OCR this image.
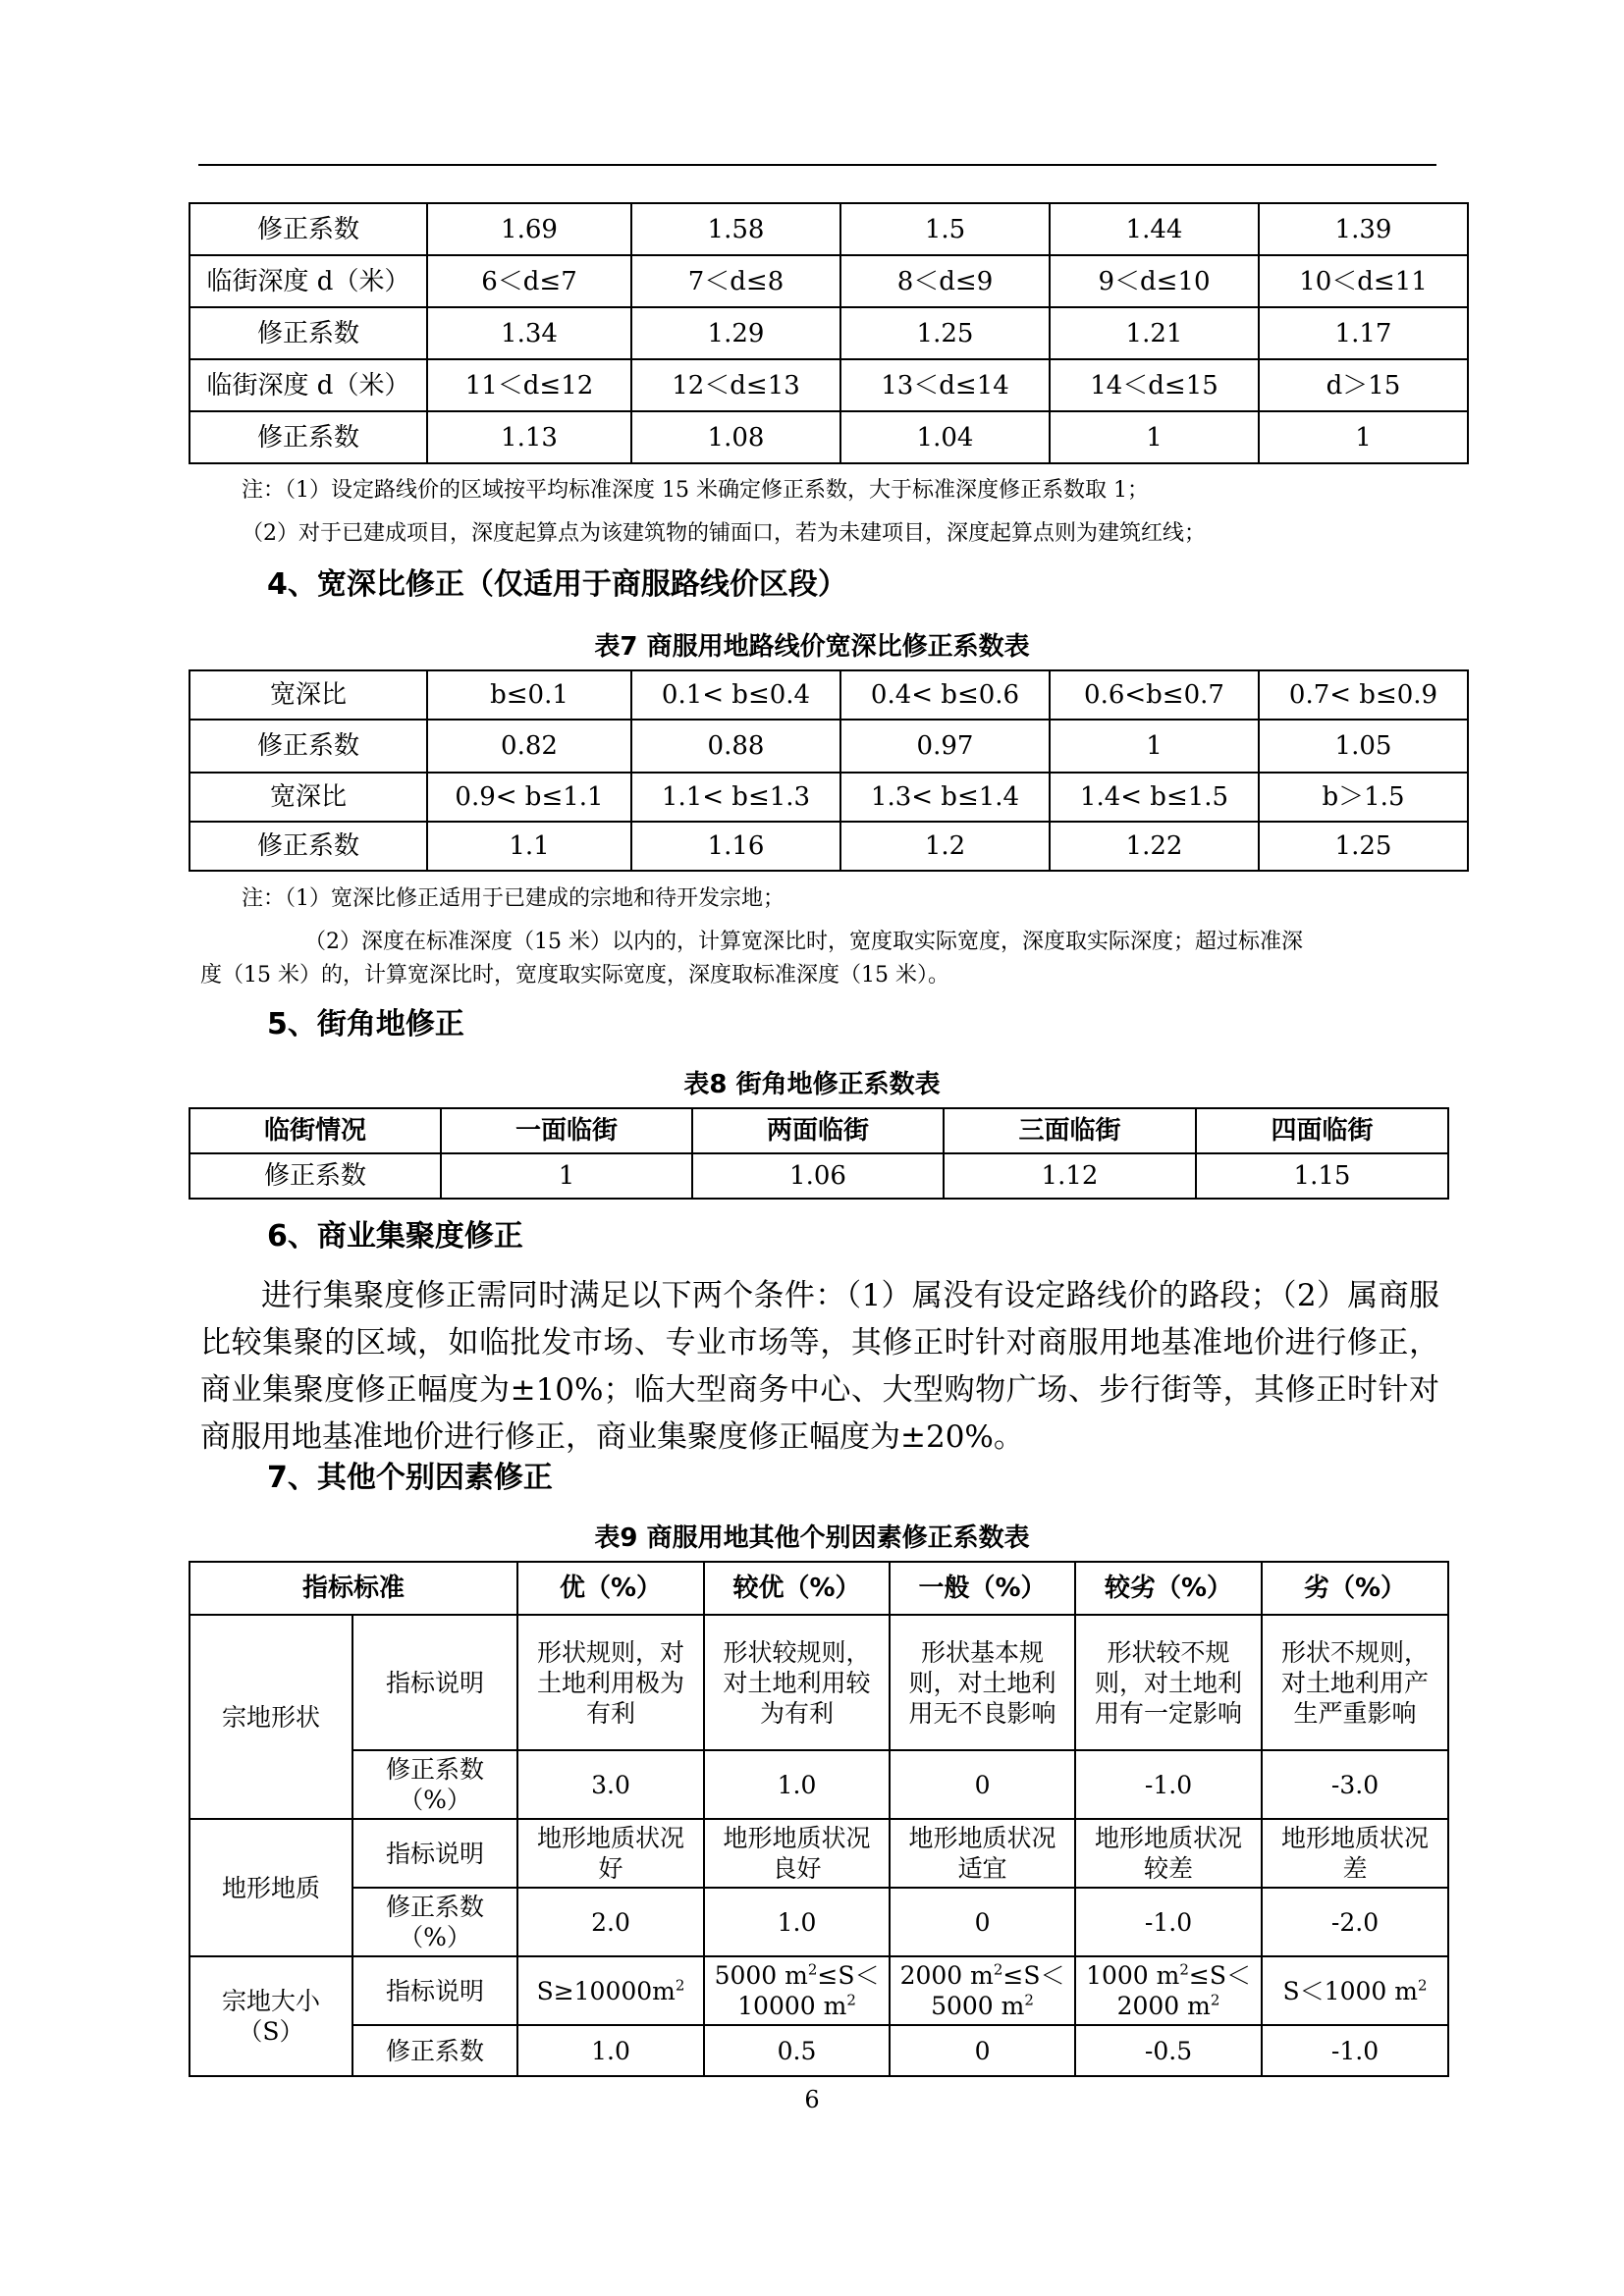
修正系数	1.69	1.58	1.5	1.44	1.39
临街深度 d（米）	6＜d≤7	7＜d≤8	8＜d≤9	9＜d≤10	10＜d≤11
修正系数	1.34	1.29	1.25	1.21	1.17
临街深度 d（米）	11＜d≤12	12＜d≤13	13＜d≤14	14＜d≤15	d＞15
修正系数	1.13	1.08	1.04	1	1
注：（1）设定路线价的区域按平均标准深度 15 米确定修正系数，大于标准深度修正系数取 1；
（2）对于已建成项目，深度起算点为该建筑物的铺面口，若为未建项目，深度起算点则为建筑红线；
4、宽深比修正（仅适用于商服路线价区段）
表7 商服用地路线价宽深比修正系数表
宽深比	b≤0.1	0.1< b≤0.4	0.4< b≤0.6	0.6<b≤0.7	0.7< b≤0.9
修正系数	0.82	0.88	0.97	1	1.05
宽深比	0.9< b≤1.1	1.1< b≤1.3	1.3< b≤1.4	1.4< b≤1.5	b＞1.5
修正系数	1.1	1.16	1.2	1.22	1.25
注：（1）宽深比修正适用于已建成的宗地和待开发宗地；
（2）深度在标准深度（15 米）以内的，计算宽深比时，宽度取实际宽度，深度取实际深度；超过标准深
度（15 米）的，计算宽深比时，宽度取实际宽度，深度取标准深度（15 米）。
5、街角地修正
表8 街角地修正系数表
临街情况	一面临街	两面临街	三面临街	四面临街
修正系数	1	1.06	1.12	1.15
6、商业集聚度修正
进行集聚度修正需同时满足以下两个条件：（1）属没有设定路线价的路段；（2）属商服比较集聚的区域，如临批发市场、专业市场等，其修正时针对商服用地基准地价进行修正，商业集聚度修正幅度为±10%；临大型商务中心、大型购物广场、步行街等，其修正时针对商服用地基准地价进行修正，商业集聚度修正幅度为±20%。
7、其他个别因素修正
表9 商服用地其他个别因素修正系数表
指标标准		优（%）	较优（%）	一般（%）	较劣（%）	劣（%）
宗地形状	指标说明	形状规则，对土地利用极为有利	形状较规则，对土地利用较为有利	形状基本规则，对土地利用无不良影响	形状较不规则，对土地利用有一定影响	形状不规则，对土地利用产生严重影响
	修正系数（%）	3.0	1.0	0	-1.0	-3.0
地形地质	指标说明	地形地质状况好	地形地质状况良好	地形地质状况适宜	地形地质状况较差	地形地质状况差
	修正系数（%）	2.0	1.0	0	-1.0	-2.0
宗地大小（S）	指标说明	$S\ge 10000m^2$	5000 $m^2\le S<10000$ $m^2$	2000 $m^2\le S<5000$ $m^2$	1000 $m^2\le S<2000$ $m^2$	S＜1000 $m^2$
	修正系数	1.0	0.5	0	-0.5	-1.0
6
